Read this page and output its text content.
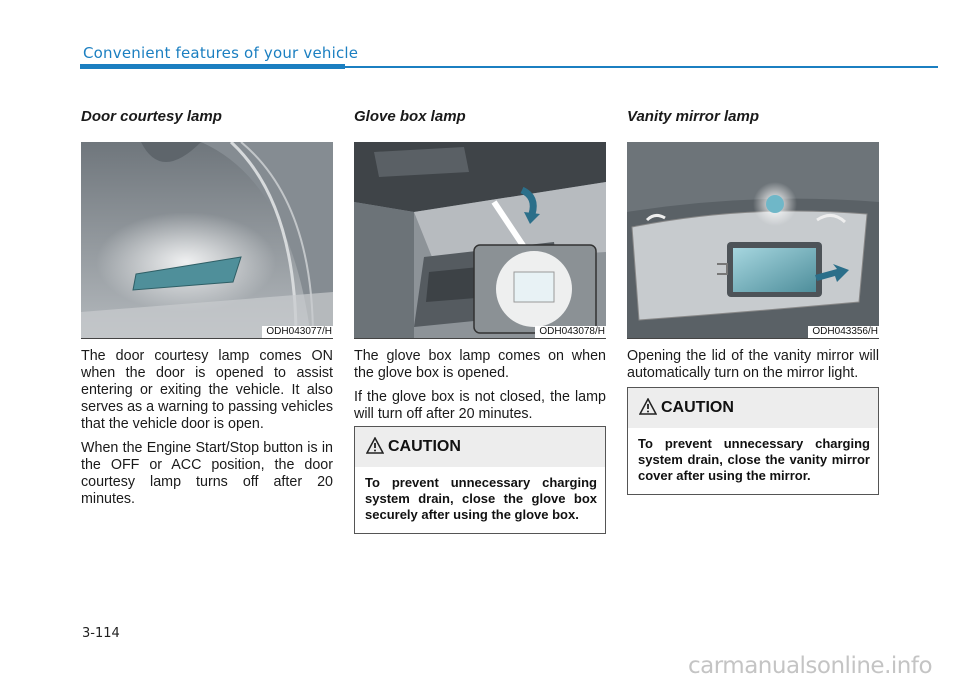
Convenient features of your vehicle
Door courtesy lamp
ODH043077/H

The door courtesy lamp comes ON when the door is opened to assist entering or exiting the vehicle. It also serves as a warning to passing vehicles that the vehicle door is open.

When the Engine Start/Stop button is in the OFF or ACC position, the door courtesy lamp turns off after 20 minutes.

Glove box lamp
ODH043078/H

The glove box lamp comes on when the glove box is opened.

If the glove box is not closed, the lamp will turn off after 20 minutes.

Vanity mirror lamp
ODH043356/H

Opening the lid of the vanity mirror will automatically turn on the mirror light.

CAUTION
To prevent unnecessary charging system drain, close the glove box securely after using the glove box.
CAUTION
To prevent unnecessary charging system drain, close the vanity mirror cover after using the mirror.
3-114
carmanualsonline.info
